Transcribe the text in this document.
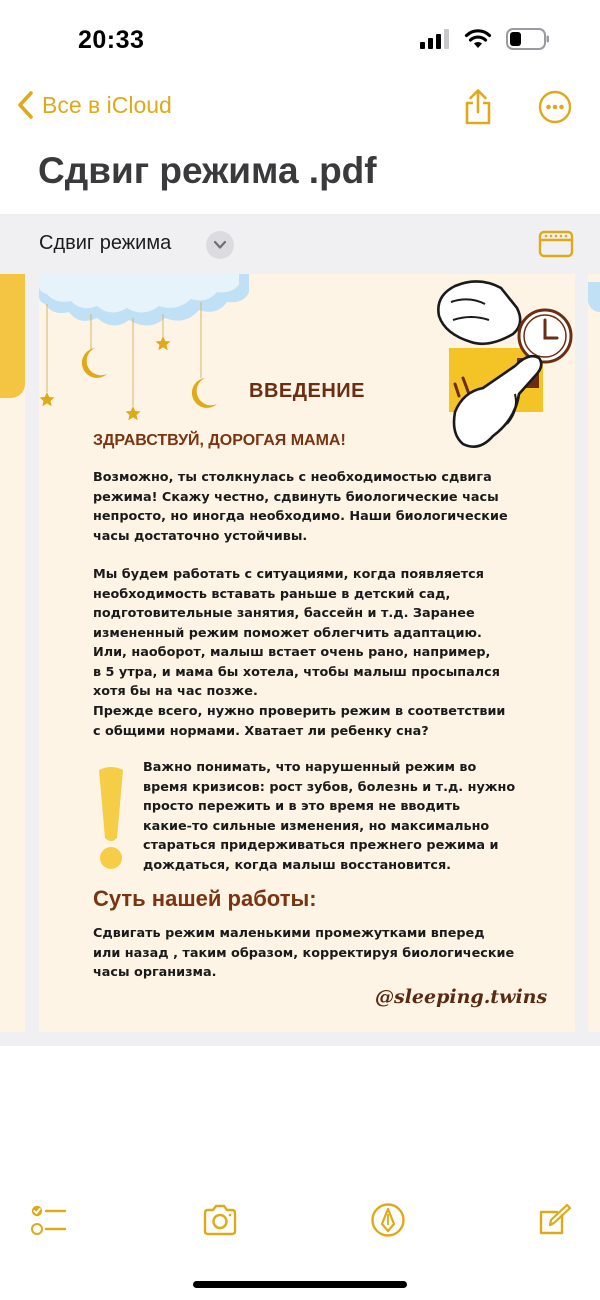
20:33
Все в iCloud
Сдвиг режима .pdf
Сдвиг режима
ВВЕДЕНИЕ
ЗДРАВСТВУЙ, ДОРОГАЯ МАМА!
Возможно, ты столкнулась с необходимостью сдвига
режима! Скажу честно, сдвинуть биологические часы
непросто, но иногда необходимо. Наши биологические
часы достаточно устойчивы.
Мы будем работать с ситуациями, когда появляется
необходимость вставать раньше в детский сад,
подготовительные занятия, бассейн и т.д. Заранее
измененный режим поможет облегчить адаптацию.
Или, наоборот, малыш встает очень рано, например,
в 5 утра, и мама бы хотела, чтобы малыш просыпался
хотя бы на час позже.
Прежде всего, нужно проверить режим в соответствии
с общими нормами. Хватает ли ребенку сна?
Важно понимать, что нарушенный режим во
время кризисов: рост зубов, болезнь и т.д. нужно
просто пережить и в это время не вводить
какие-то сильные изменения, но максимально
стараться придерживаться прежнего режима и
дождаться, когда малыш восстановится.
Суть нашей работы:
Сдвигать режим маленькими промежутками вперед
или назад , таким образом, корректируя биологические
часы организма.
@sleeping.twins
